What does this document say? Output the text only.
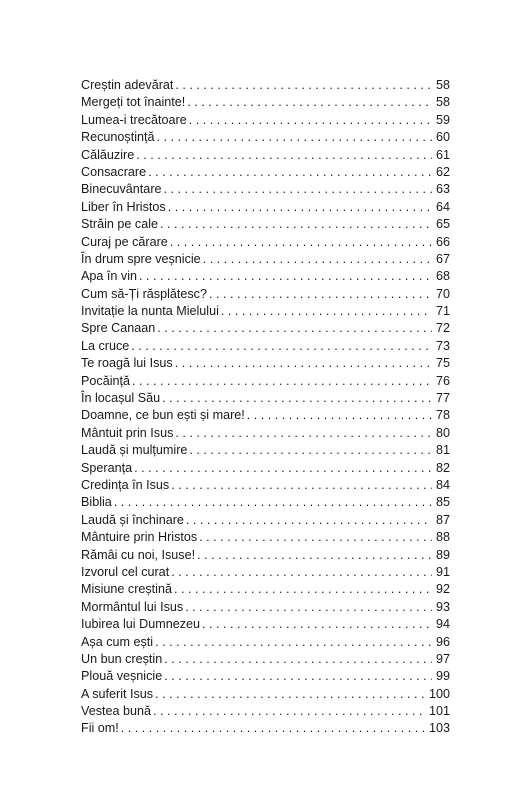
Creștin adevărat . . .	58
Mergeți tot înainte! . . .	58
Lumea-i trecătoare . . .	59
Recunoștință . . .	60
Călăuzire . . .	61
Consacrare . . .	62
Binecuvântare . . .	63
Liber în Hristos . . .	64
Străin pe cale . . .	65
Curaj pe cărare . . .	66
În drum spre veșnicie . . .	67
Apa în vin . . .	68
Cum să-Ți răsplătesc? . . .	70
Invitație la nunta Mielului . . .	71
Spre Canaan . . .	72
La cruce . . .	73
Te roagă lui Isus . . .	75
Pocăință . . .	76
În locașul Său . . .	77
Doamne, ce bun ești și mare! . . .	78
Mântuit prin Isus . . .	80
Laudă și mulțumire . . .	81
Speranța . . .	82
Credința în Isus . . .	84
Biblia . . .	85
Laudă și închinare . . .	87
Mântuire prin Hristos . . .	88
Rămâi cu noi, Isuse! . . .	89
Izvorul cel curat . . .	91
Misiune creștină . . .	92
Mormântul lui Isus . . .	93
Iubirea lui Dumnezeu . . .	94
Așa cum ești . . .	96
Un bun creștin . . .	97
Plouă veșnicie . . .	99
A suferit Isus . . .	100
Vestea bună . . .	101
Fii om! . . .	103
